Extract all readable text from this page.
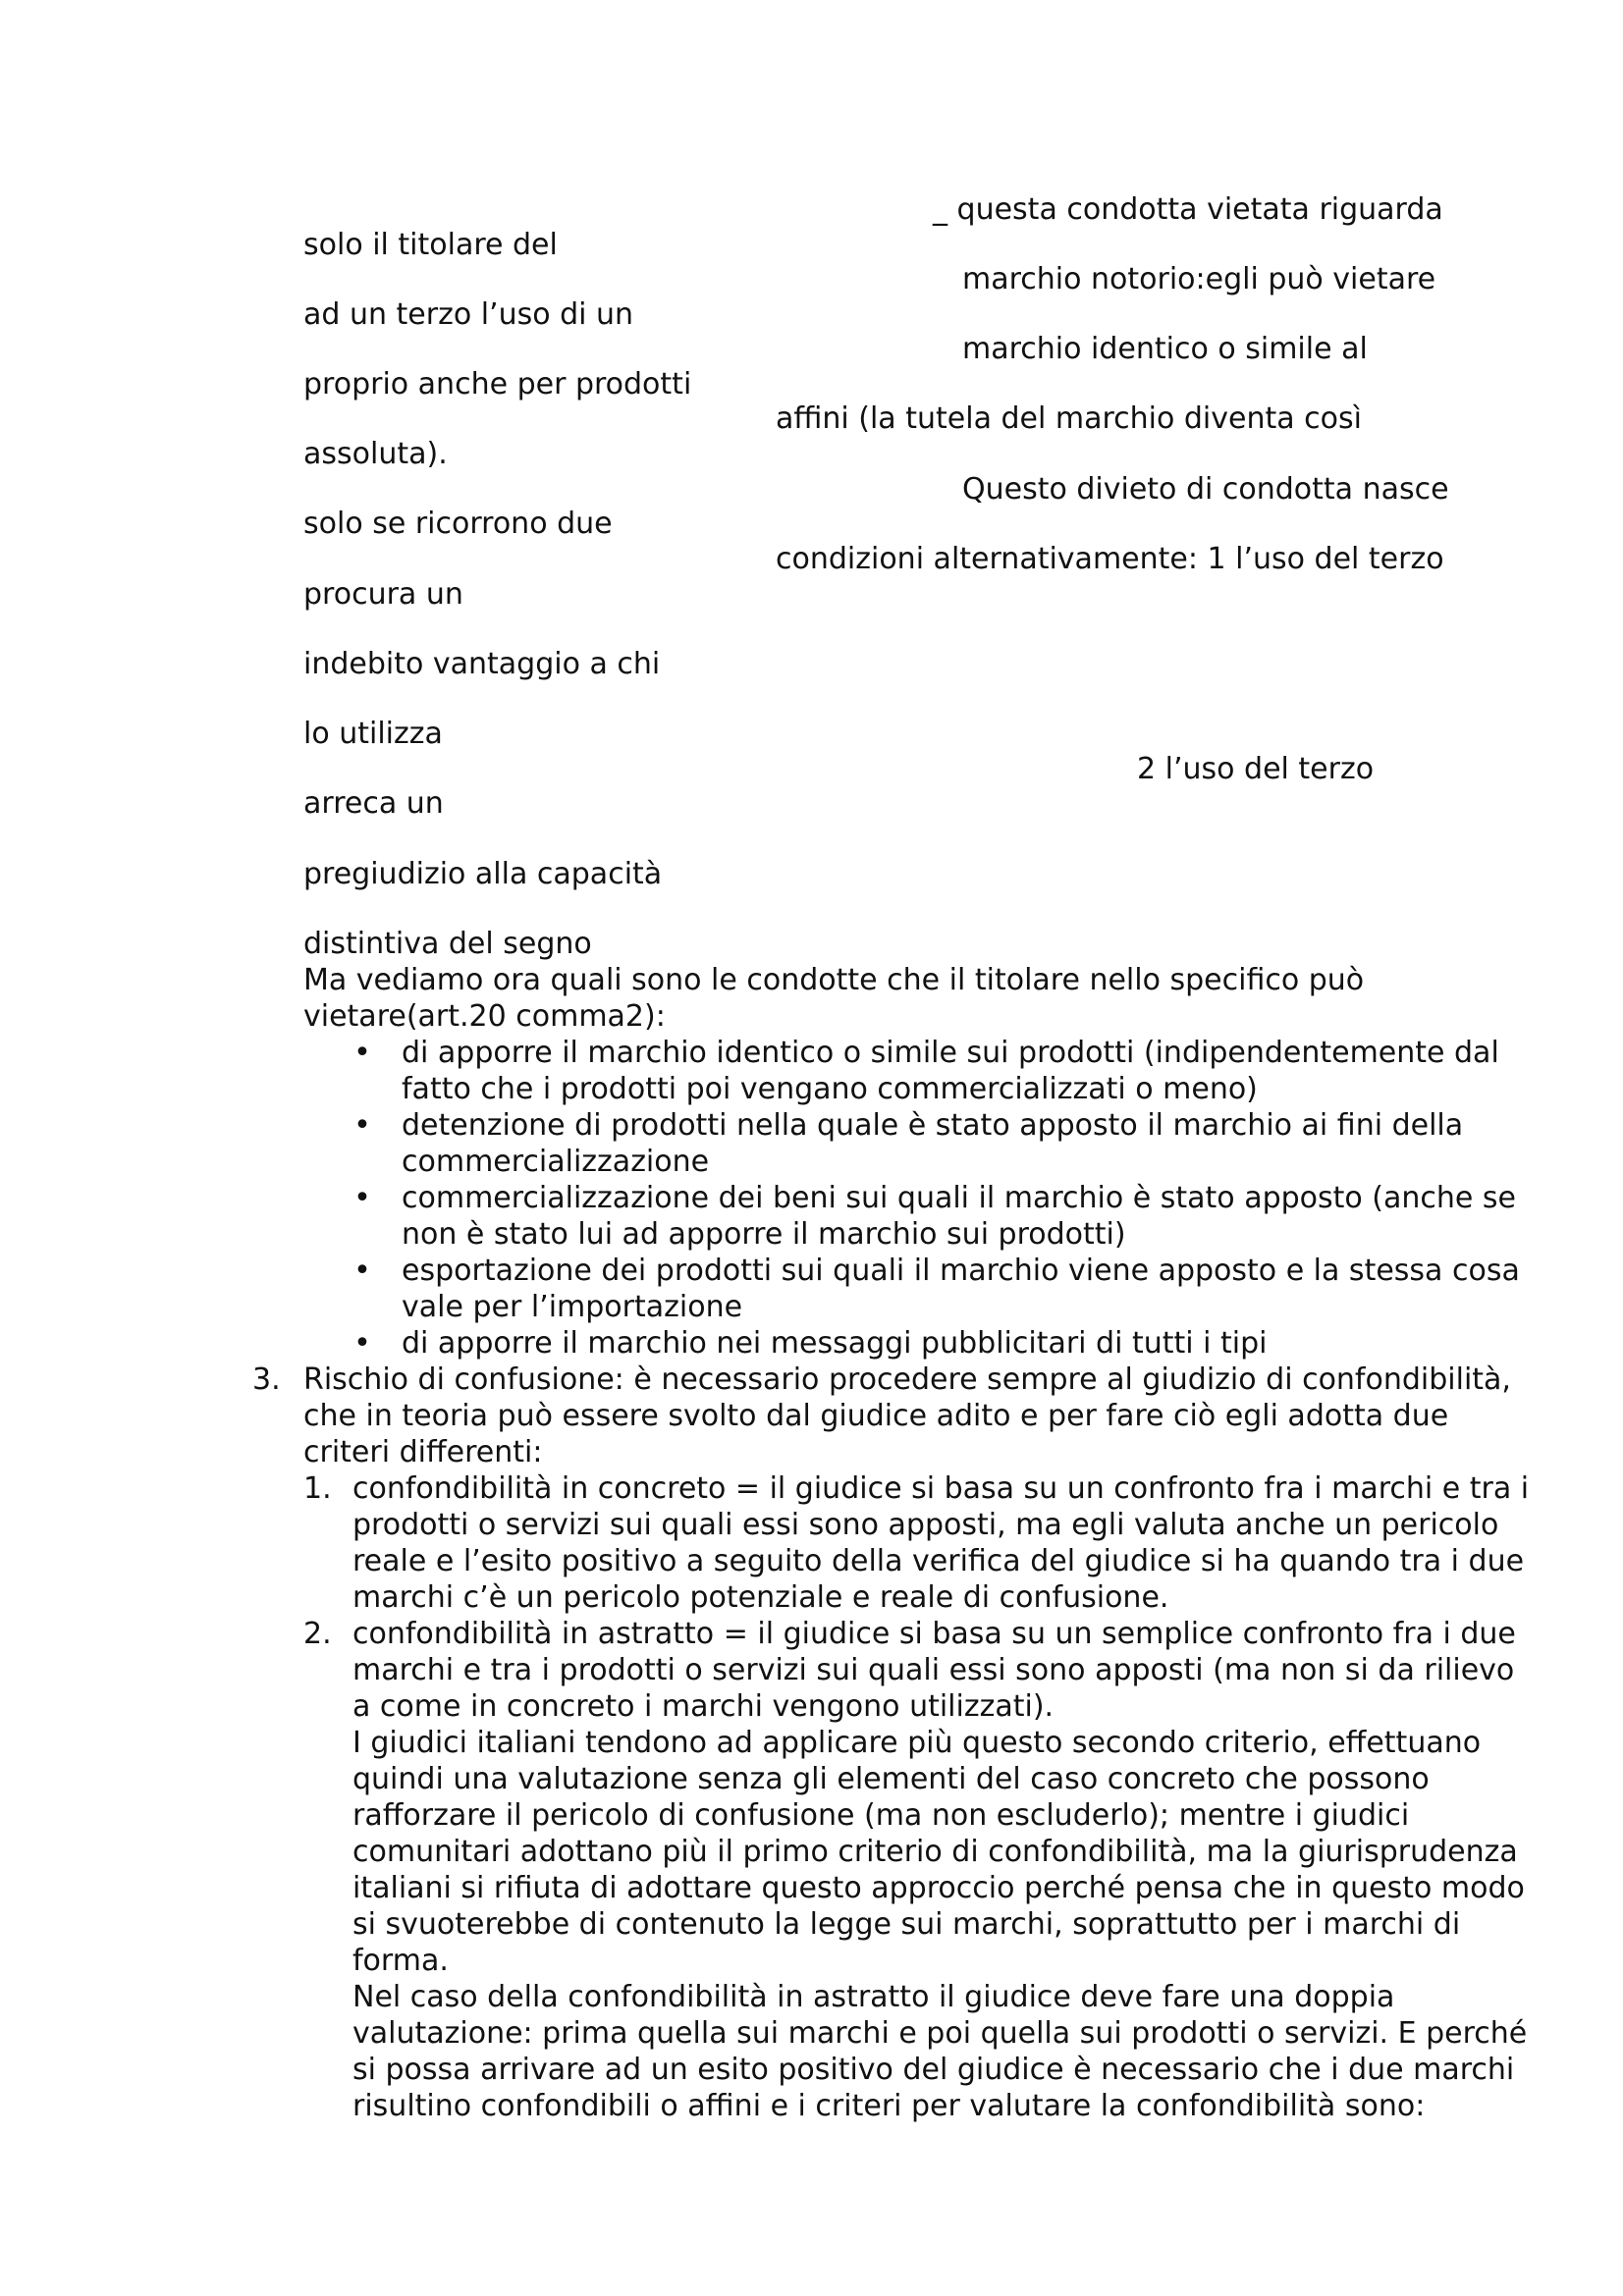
solo il titolare del
ad un terzo l’uso di un
proprio anche per prodotti
assoluta).
solo se ricorrono due
procura un
indebito vantaggio a chi
lo utilizza
arreca un
pregiudizio alla capacità
distintiva del segno
_ questa condotta vietata riguarda
marchio notorio:egli può vietare
marchio identico o simile al
affini (la tutela del marchio diventa così
Questo divieto di condotta nasce
condizioni alternativamente: 1 l’uso del terzo
2 l’uso del terzo

Ma vediamo ora quali sono le condotte che il titolare nello specifico può vietare(art.20 comma2):

• di apporre il marchio identico o simile sui prodotti (indipendentemente dal fatto che i prodotti poi vengano commercializzati o meno)
• detenzione di prodotti nella quale è stato apposto il marchio ai fini della commercializzazione
• commercializzazione dei beni sui quali il marchio è stato apposto (anche se non è stato lui ad apporre il marchio sui prodotti)
• esportazione dei prodotti sui quali il marchio viene apposto e la stessa cosa vale per l’importazione
• di apporre il marchio nei messaggi pubblicitari di tutti i tipi
3. Rischio di confusione: è necessario procedere sempre al giudizio di confondibilità, che in teoria può essere svolto dal giudice adito e per fare ciò egli adotta due criteri differenti:

1. confondibilità in concreto = il giudice si basa su un confronto fra i marchi e tra i prodotti o servizi sui quali essi sono apposti, ma egli valuta anche un pericolo reale e l’esito positivo a seguito della verifica del giudice si ha quando tra i due marchi c’è un pericolo potenziale e reale di confusione.

2. confondibilità in astratto = il giudice si basa su un semplice confronto fra i due marchi e tra i prodotti o servizi sui quali essi sono apposti (ma non si da rilievo a come in concreto i marchi vengono utilizzati).

I giudici italiani tendono ad applicare più questo secondo criterio, effettuano quindi una valutazione senza gli elementi del caso concreto che possono rafforzare il pericolo di confusione (ma non escluderlo); mentre i giudici comunitari adottano più il primo criterio di confondibilità, ma la giurisprudenza italiani si rifiuta di adottare questo approccio perché pensa che in questo modo si svuoterebbe di contenuto la legge sui marchi, soprattutto per i marchi di forma.

Nel caso della confondibilità in astratto il giudice deve fare una doppia valutazione: prima quella sui marchi e poi quella sui prodotti o servizi. E perché si possa arrivare ad un esito positivo del giudice è necessario che i due marchi risultino confondibili o affini e i criteri per valutare la confondibilità sono:
